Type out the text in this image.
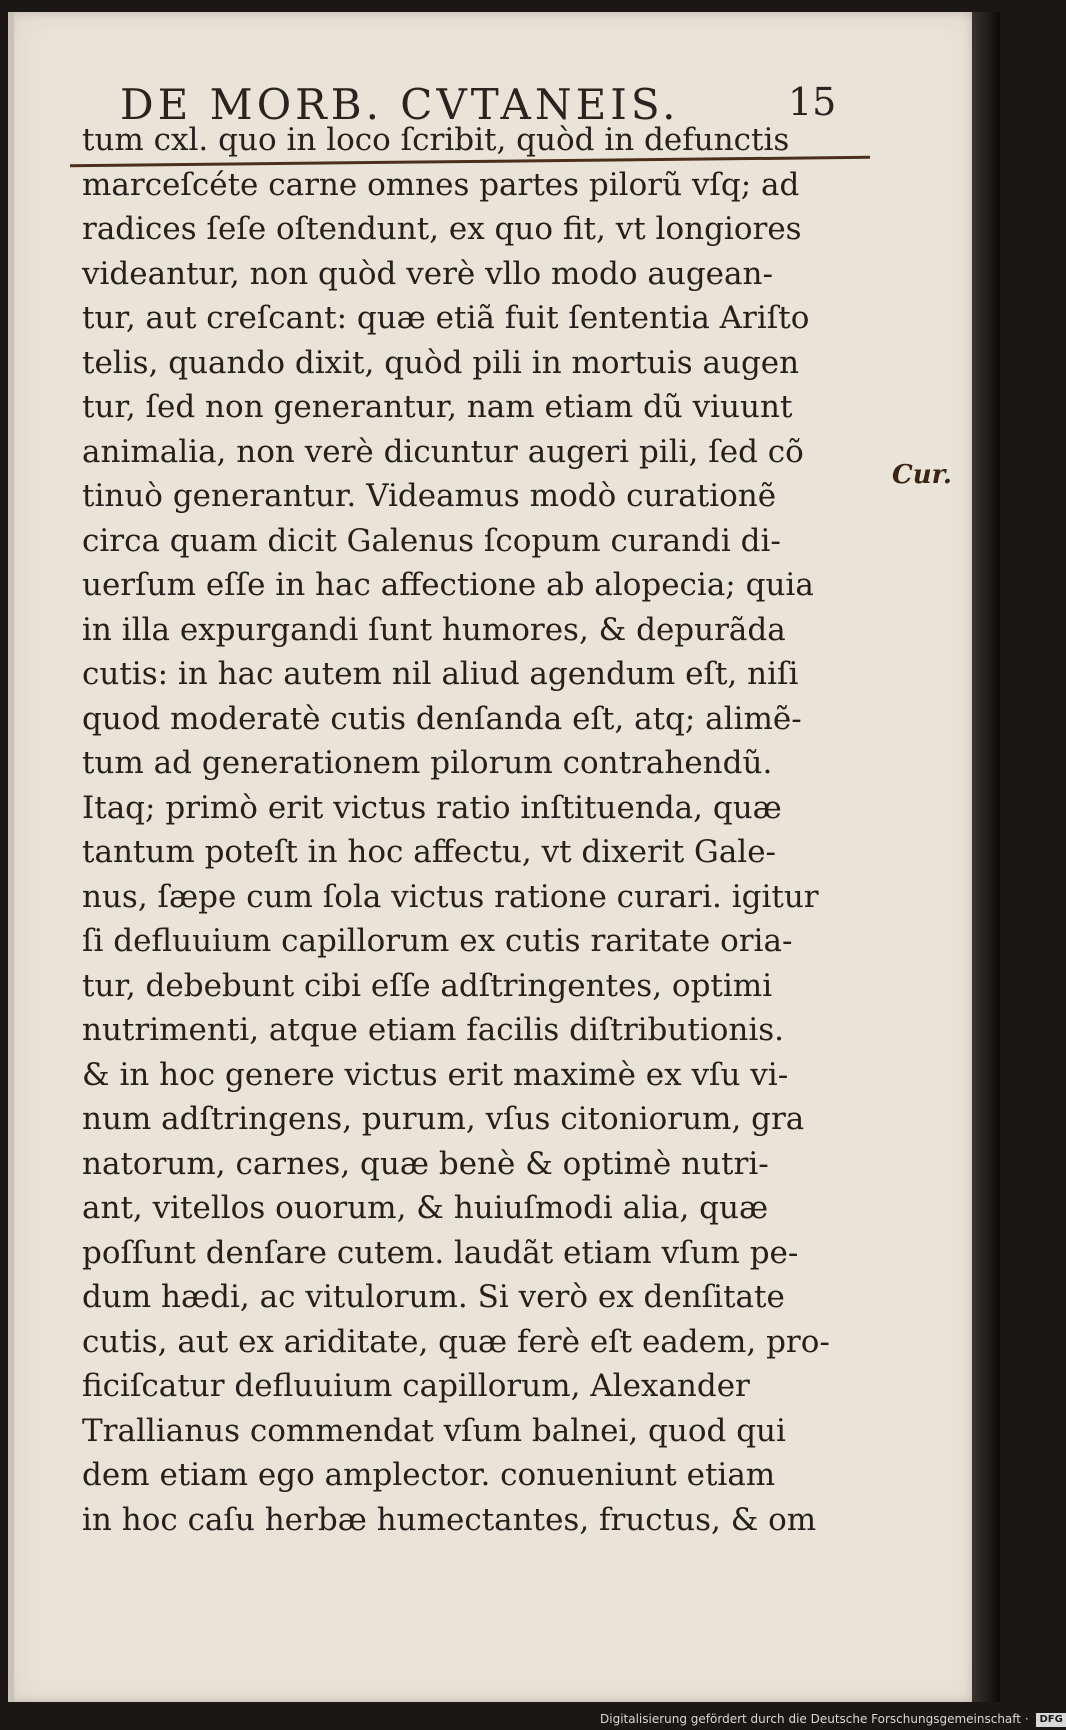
DE MORB. CVTANEIS.	15
tum cxl. quo in loco ſcribit, quòd in defunctis
marceſcéte carne omnes partes pilorũ vſq; ad
radices ſeſe oſtendunt, ex quo fit, vt longiores
videantur, non quòd verè vllo modo augean-
tur, aut creſcant: quæ etiã fuit ſententia Ariſto
telis, quando dixit, quòd pili in mortuis augen
tur, ſed non generantur, nam etiam dũ viuunt
animalia, non verè dicuntur augeri pili, ſed cõ
tinuò generantur. Videamus modò curationẽ
circa quam dicit Galenus ſcopum curandi di-
uerſum eſſe in hac affectione ab alopecia; quia
in illa expurgandi ſunt humores, & depurãda
cutis: in hac autem nil aliud agendum eſt, niſi
quod moderatè cutis denſanda eſt, atq; alimẽ-
tum ad generationem pilorum contrahendũ.
Itaq; primò erit victus ratio inſtituenda, quæ
tantum poteſt in hoc affectu, vt dixerit Gale-
nus, ſæpe cum ſola victus ratione curari. igitur
ſi defluuium capillorum ex cutis raritate oria-
tur, debebunt cibi eſſe adſtringentes, optimi
nutrimenti, atque etiam facilis diſtributionis.
& in hoc genere victus erit maximè ex vſu vi-
num adſtringens, purum, vſus citoniorum, gra
natorum, carnes, quæ benè & optimè nutri-
ant, vitellos ouorum, & huiuſmodi alia, quæ
poſſunt denſare cutem. laudãt etiam vſum pe-
dum hædi, ac vitulorum. Si verò ex denſitate
cutis, aut ex ariditate, quæ ferè eſt eadem, pro-
ficiſcatur defluuium capillorum, Alexander
Trallianus commendat vſum balnei, quod qui
dem etiam ego amplector. conueniunt etiam
in hoc caſu herbæ humectantes, fructus, & om
Cur.
Digitalisierung gefördert durch die Deutsche Forschungsgemeinschaft · DFG
